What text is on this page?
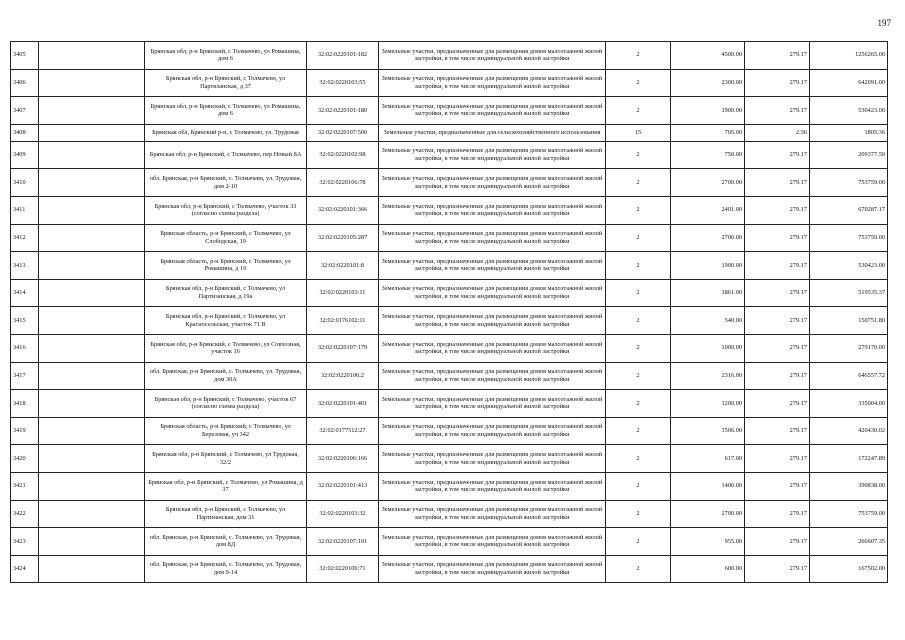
197
3405		Брянская обл, р-н Брянский, с Толмачево, ул Ромашина, дом 6	32:02:0220101:182	Земельные участки, предназначенные для размещения домов малоэтажной жилой застройки, в том числе индивидуальной жилой застройки	2	4500.00	279.17	1256265.00
3406		Брянская обл, р-н Брянский, с Толмачево, ул Партизанская, д 37	32:02:0220103:55	Земельные участки, предназначенные для размещения домов малоэтажной жилой застройки, в том числе индивидуальной жилой застройки	2	2300.00	279.17	642091.00
3407		Брянская обл, р-н Брянский, с Толмачево, ул Ромашина, дом 6	32:02:0220101:180	Земельные участки, предназначенные для размещения домов малоэтажной жилой застройки, в том числе индивидуальной жилой застройки	2	1900.00	279.17	530423.00
3408		Брянская обл, Брянский р-н, с Толмачево, ул. Трудовая	32:02:0220107:500	Земельные участки, предназначенные для сельскохозяйственного использования	15	705.00	2.56	1805.36
3409		Брянская обл, р-н Брянский, с Толмачево, пер Новый 8А	32:02:0220102:98	Земельные участки, предназначенные для размещения домов малоэтажной жилой застройки, в том числе индивидуальной жилой застройки	2	750.00	279.17	209377.50
3410		обл. Брянская, р-н Брянский, с. Толмачево, ул. Трудовая, дом 2-10	32:02:0220106:78	Земельные участки, предназначенные для размещения домов малоэтажной жилой застройки, в том числе индивидуальной жилой застройки	2	2700.00	279.17	753759.00
3411		Брянская обл, р-н Брянский, с Толмачево, участок 33 (согласно схемы раздела)	32:02:0220101:366	Земельные участки, предназначенные для размещения домов малоэтажной жилой застройки, в том числе индивидуальной жилой застройки	2	2401.00	279.17	670287.17
3412		Брянская область, р-н Брянский, с Толмачево, ул Слободская, 19	32:02:0220105:287	Земельные участки, предназначенные для размещения домов малоэтажной жилой застройки, в том числе индивидуальной жилой застройки	2	2700.00	279.17	753759.00
3413		Брянская область, р-н Брянский, с Толмачево, ул Ромашина, д 10	32:02:0220101:8	Земельные участки, предназначенные для размещения домов малоэтажной жилой застройки, в том числе индивидуальной жилой застройки	2	1900.00	279.17	530423.00
3414		Брянская обл, р-н Брянский, с Толмачево, ул Партизанская, д 19а	32:02:0220103:11	Земельные участки, предназначенные для размещения домов малоэтажной жилой застройки, в том числе индивидуальной жилой застройки	2	1861.00	279.17	519535.37
3415		Брянская обл, р-н Брянский, с Толмачево, ул Красносельская, участок 71 В	32:02:0176102:11	Земельные участки, предназначенные для размещения домов малоэтажной жилой застройки, в том числе индивидуальной жилой застройки	2	540.00	279.17	150751.80
3416		Брянская обл, р-н Брянский, с Толмачево, ул Совхозная, участок 16	32:02:0220107:179	Земельные участки, предназначенные для размещения домов малоэтажной жилой застройки, в том числе индивидуальной жилой застройки	2	1000.00	279.17	279170.00
3417		обл. Брянская, р-н Брянский, с. Толмачево, ул. Трудовая, дом 30А	32:02:0220106:2	Земельные участки, предназначенные для размещения домов малоэтажной жилой застройки, в том числе индивидуальной жилой застройки	2	2316.00	279.17	646557.72
3418		Брянская обл, р-н Брянский, с Толмачево, участок 67 (согласно схемы раздела)	32:02:0220101:401	Земельные участки, предназначенные для размещения домов малоэтажной жилой застройки, в том числе индивидуальной жилой застройки	2	1200.00	279.17	335004.00
3419		Брянская область, р-н Брянский, с Толмачево, ул Березовая, уч 342	32:02:0177512:27	Земельные участки, предназначенные для размещения домов малоэтажной жилой застройки, в том числе индивидуальной жилой застройки	2	1506.00	279.17	420430.02
3420		Брянская обл, р-н Брянский, с Толмачево, ул Трудовая, 32/2	32:02:0220106:166	Земельные участки, предназначенные для размещения домов малоэтажной жилой застройки, в том числе индивидуальной жилой застройки	2	617.00	279.17	172247.89
3421		Брянская обл, р-н Брянский, с Толмачево, ул Ромашина, д 37	32:02:0220101:413	Земельные участки, предназначенные для размещения домов малоэтажной жилой застройки, в том числе индивидуальной жилой застройки	2	1400.00	279.17	390838.00
3422		Брянская обл, р-н Брянский, с Толмачево, ул Партизанская, дом 31	32:02:0220103:32	Земельные участки, предназначенные для размещения домов малоэтажной жилой застройки, в том числе индивидуальной жилой застройки	2	2700.00	279.17	753759.00
3423		обл. Брянская, р-н Брянский, с. Толмачево, ул. Трудовая, дом 8Д	32:02:0220107:101	Земельные участки, предназначенные для размещения домов малоэтажной жилой застройки, в том числе индивидуальной жилой застройки	2	955.00	279.17	266607.35
3424		обл. Брянская, р-н Брянский, с. Толмачево, ул. Трудовая, дом 9-14	32:02:0220106:71	Земельные участки, предназначенные для размещения домов малоэтажной жилой застройки, в том числе индивидуальной жилой застройки	2	600.00	279.17	167502.00
